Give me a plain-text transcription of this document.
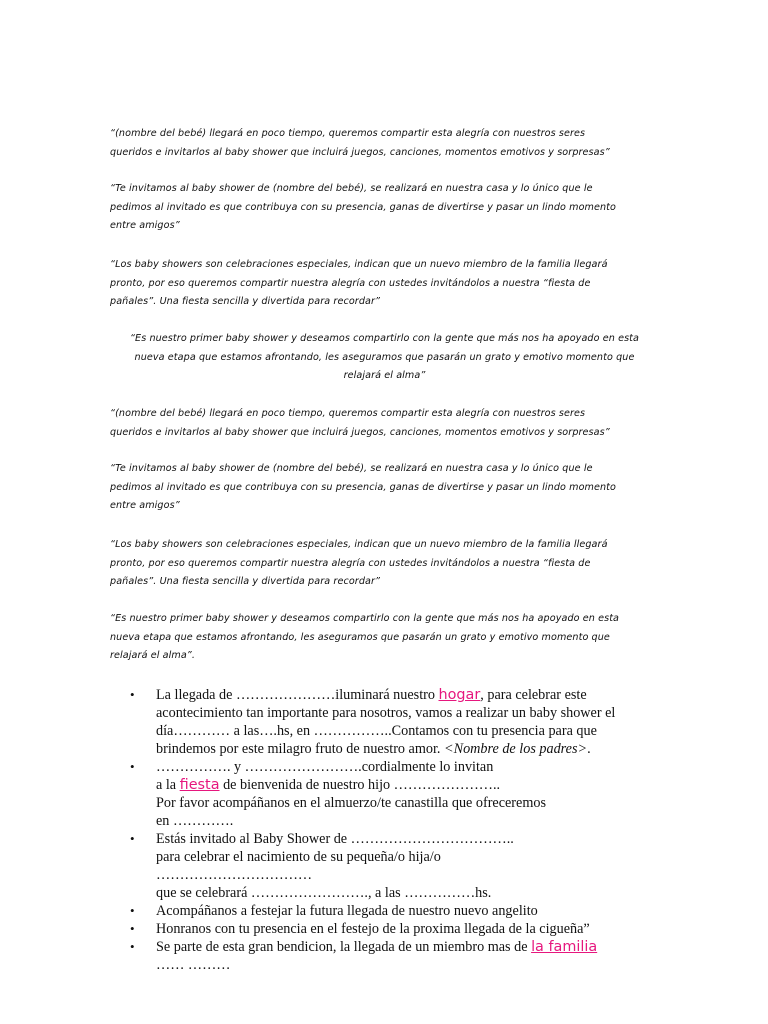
“(nombre del bebé) llegará en poco tiempo, queremos compartir esta alegría con nuestros seres
queridos e invitarlos al baby shower que incluirá juegos, canciones, momentos emotivos y sorpresas”

“Te invitamos al baby shower de (nombre del bebé), se realizará en nuestra casa y lo único que le
pedimos al invitado es que contribuya con su presencia, ganas de divertirse y pasar un lindo momento
entre amigos”

“Los baby showers son celebraciones especiales, indican que un nuevo miembro de la familia llegará
pronto, por eso queremos compartir nuestra alegría con ustedes invitándolos a nuestra “fiesta de
pañales”. Una fiesta sencilla y divertida para recordar”

“Es nuestro primer baby shower y deseamos compartirlo con la gente que más nos ha apoyado en esta
nueva etapa que estamos afrontando, les aseguramos que pasarán un grato y emotivo momento que
relajará el alma”

“(nombre del bebé) llegará en poco tiempo, queremos compartir esta alegría con nuestros seres
queridos e invitarlos al baby shower que incluirá juegos, canciones, momentos emotivos y sorpresas”

“Te invitamos al baby shower de (nombre del bebé), se realizará en nuestra casa y lo único que le
pedimos al invitado es que contribuya con su presencia, ganas de divertirse y pasar un lindo momento
entre amigos”

“Los baby showers son celebraciones especiales, indican que un nuevo miembro de la familia llegará
pronto, por eso queremos compartir nuestra alegría con ustedes invitándolos a nuestra “fiesta de
pañales”. Una fiesta sencilla y divertida para recordar”

“Es nuestro primer baby shower y deseamos compartirlo con la gente que más nos ha apoyado en esta
nueva etapa que estamos afrontando, les aseguramos que pasarán un grato y emotivo momento que
relajará el alma”.

• La llegada de …………………iluminará nuestro hogar, para celebrar este
acontecimiento tan importante para nosotros, vamos a realizar un baby shower el
día………… a las….hs, en ……………..Contamos con tu presencia para que
brindemos por este milagro fruto de nuestro amor. <Nombre de los padres>.
• ……………. y …………………….cordialmente lo invitan
a la fiesta de bienvenida de nuestro hijo …………………..
Por favor acompáñanos en el almuerzo/te canastilla que ofreceremos
en ………….
• Estás invitado al Baby Shower de ……………………………..
para celebrar el nacimiento de su pequeña/o hija/o
……………………………
que se celebrará ……………………., a las ……………hs.
• Acompáñanos a festejar la futura llegada de nuestro nuevo angelito
• Honranos con tu presencia en el festejo de la proxima llegada de la cigueña”
• Se parte de esta gran bendicion, la llegada de un miembro mas de la familia
…… ………
